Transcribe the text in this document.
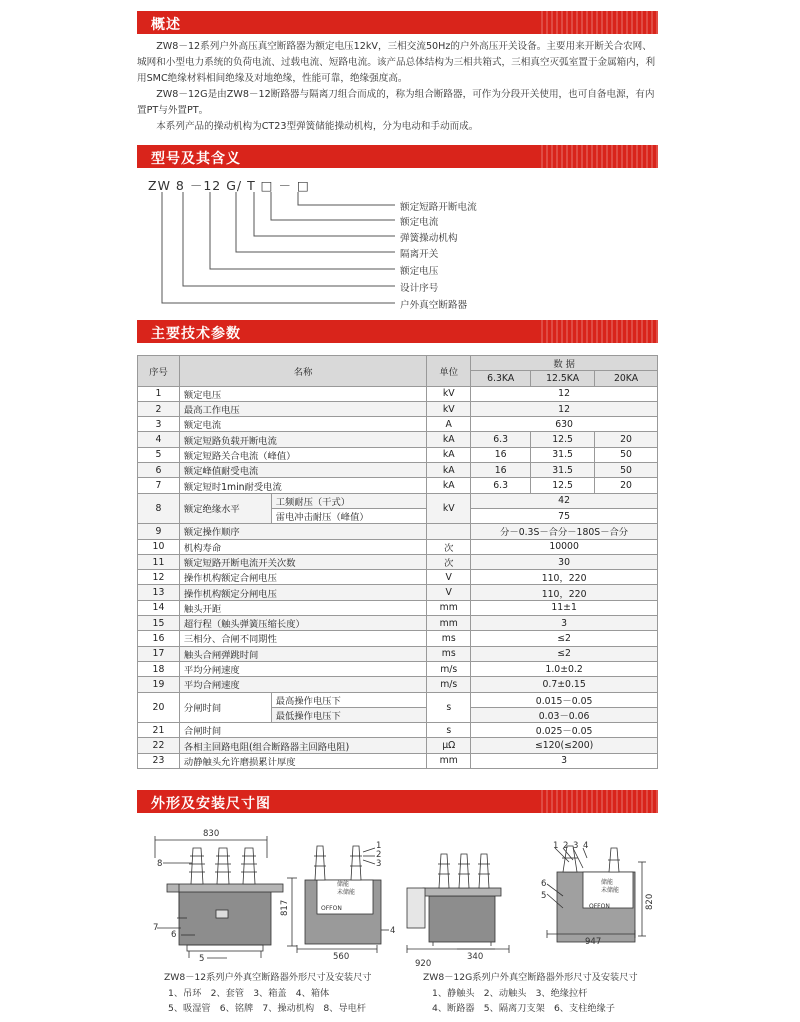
概述

ZW8－12系列户外高压真空断路器为额定电压12kV，三相交流50Hz的户外高压开关设备。主要用来开断关合农网、城网和小型电力系统的负荷电流、过载电流、短路电流。该产品总体结构为三相共箱式，三相真空灭弧室置于金属箱内，利用SMC绝缘材料相间绝缘及对地绝缘，性能可靠，绝缘强度高。

ZW8－12G是由ZW8－12断路器与隔离刀组合而成的，称为组合断路器，可作为分段开关使用，也可自备电源，有内置PT与外置PT。

本系列产品的操动机构为CT23型弹簧储能操动机构，分为电动和手动而成。

型号及其含义
ZW 8 －12 G/ T □ － □
额定短路开断电流
额定电流
弹簧操动机构
隔离开关
额定电压
设计序号
户外真空断路器
主要技术参数
序号	名称		单位	数 据		
				6.3KA	12.5KA	20KA
1	额定电压		kV	12		
2	最高工作电压		kV	12		
3	额定电流		A	630		
4	额定短路负载开断电流		kA	6.3	12.5	20
5	额定短路关合电流（峰值）		kA	16	31.5	50
6	额定峰值耐受电流		kA	16	31.5	50
7	额定短时1min耐受电流		kA	6.3	12.5	20
8	额定绝缘水平	工频耐压（干式）	kV	42		
		雷电冲击耐压（峰值）		75		
9	额定操作顺序			分－0.3S－合分－180S－合分		
10	机构寿命		次	10000		
11	额定短路开断电流开关次数		次	30		
12	操作机构额定合闸电压		V	110，220		
13	操作机构额定分闸电压		V	110，220		
14	触头开距		mm	11±1		
15	超行程（触头弹簧压缩长度）		mm	3		
16	三相分、合闸不同期性		ms	≤2		
17	触头合闸弹跳时间		ms	≤2		
18	平均分闸速度		m/s	1.0±0.2		
19	平均合闸速度		m/s	0.7±0.15		
20	分闸时间	最高操作电压下	s	0.015－0.05		
		最低操作电压下		0.03－0.06		
21	合闸时间		s	0.025－0.05		
22	各相主回路电阻(组合断路器主回路电阻)		μΩ	≤120(≤200)		
23	动静触头允许磨损累计厚度		mm	3		
外形及安装尺寸图
830
817
560
920
340
820
947
8
7
6
5
1
2
3
4
1 2 3 4
6
5
储能
未储能
OFFON
储能
未储能
OFFON
ZW8－12系列户外真空断路器外形尺寸及安装尺寸	ZW8－12G系列户外真空断路器外形尺寸及安装尺寸
1、吊环　2、套管　3、箱盖　4、箱体
5、吸湿管　6、铭牌　7、操动机构　8、导电杆
1、静触头　2、动触头　3、绝缘拉杆
4、断路器　5、隔离刀支架　6、支柱绝缘子
